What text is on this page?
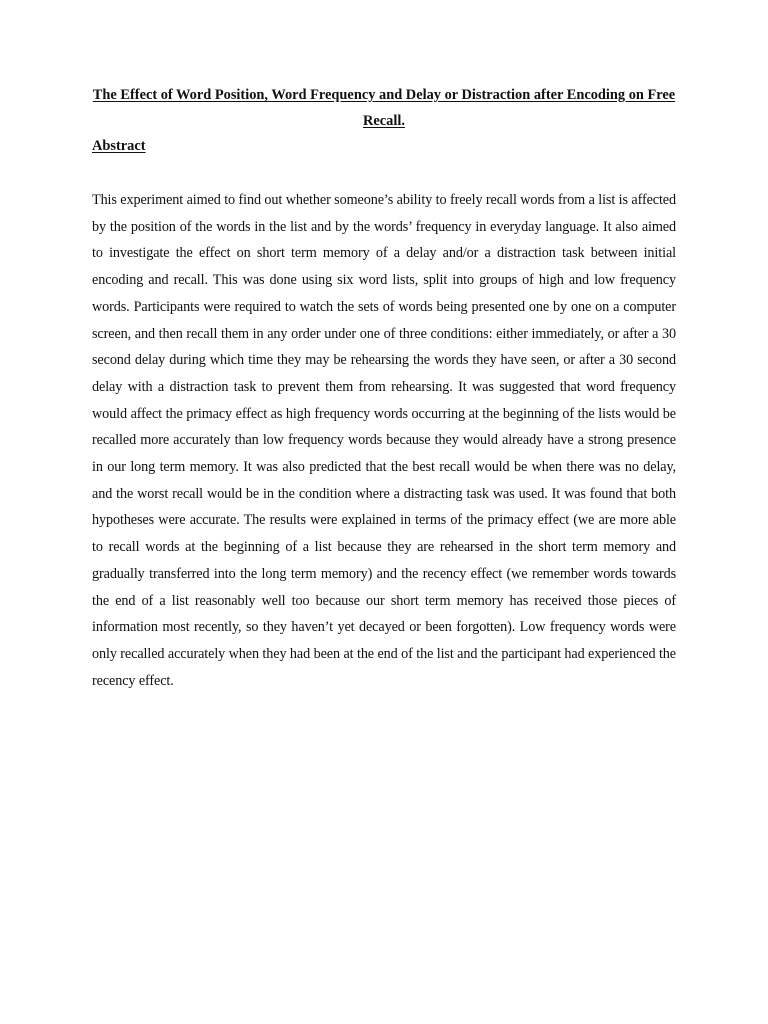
The Effect of Word Position, Word Frequency and Delay or Distraction after Encoding on Free Recall.

Abstract

This experiment aimed to find out whether someone’s ability to freely recall words from a list is affected by the position of the words in the list and by the words’ frequency in everyday language. It also aimed to investigate the effect on short term memory of a delay and/or a distraction task between initial encoding and recall. This was done using six word lists, split into groups of high and low frequency words. Participants were required to watch the sets of words being presented one by one on a computer screen, and then recall them in any order under one of three conditions: either immediately, or after a 30 second delay during which time they may be rehearsing the words they have seen, or after a 30 second delay with a distraction task to prevent them from rehearsing. It was suggested that word frequency would affect the primacy effect as high frequency words occurring at the beginning of the lists would be recalled more accurately than low frequency words because they would already have a strong presence in our long term memory. It was also predicted that the best recall would be when there was no delay, and the worst recall would be in the condition where a distracting task was used. It was found that both hypotheses were accurate. The results were explained in terms of the primacy effect (we are more able to recall words at the beginning of a list because they are rehearsed in the short term memory and gradually transferred into the long term memory) and the recency effect (we remember words towards the end of a list reasonably well too because our short term memory has received those pieces of information most recently, so they haven’t yet decayed or been forgotten). Low frequency words were only recalled accurately when they had been at the end of the list and the participant had experienced the recency effect.
